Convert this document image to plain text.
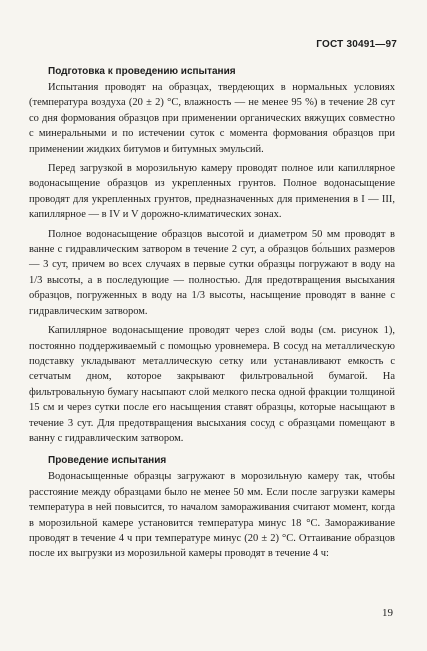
ГОСТ 30491—97
Подготовка к проведению испытания

Испытания проводят на образцах, твердеющих в нормальных условиях (температура воздуха (20 ± 2) °С, влажность — не менее 95 %) в течение 28 сут со дня формования образцов при применении органических вяжущих совместно с минеральными и по истечении суток с момента формования образцов при применении жидких битумов и битумных эмульсий.

Перед загрузкой в морозильную камеру проводят полное или капиллярное водонасыщение образцов из укрепленных грунтов. Полное водонасыщение проводят для укрепленных грунтов, предназначенных для применения в I — III, капиллярное — в IV и V дорожно-климатических зонах.

Полное водонасыщение образцов высотой и диаметром 50 мм проводят в ванне с гидравлическим затвором в течение 2 сут, а образцов бо́льших размеров — 3 сут, причем во всех случаях в первые сутки образцы погружают в воду на 1/3 высоты, а в последующие — полностью. Для предотвращения высыхания образцов, погруженных в воду на 1/3 высоты, насыщение проводят в ванне с гидравлическим затвором.

Капиллярное водонасыщение проводят через слой воды (см. рисунок 1), постоянно поддерживаемый с помощью уровнемера. В сосуд на металлическую подставку укладывают металлическую сетку или устанавливают емкость с сетчатым дном, которое закрывают фильтровальной бумагой. На фильтровальную бумагу насыпают слой мелкого песка одной фракции толщиной 15 см и через сутки после его насыщения ставят образцы, которые насыщают в течение 3 сут. Для предотвращения высыхания сосуд с образцами помещают в ванну с гидравлическим затвором.

Проведение испытания

Водонасыщенные образцы загружают в морозильную камеру так, чтобы расстояние между образцами было не менее 50 мм. Если после загрузки камеры температура в ней повысится, то началом замораживания считают момент, когда в морозильной камере установится температура минус 18 °С. Замораживание проводят в течение 4 ч при температуре минус (20 ± 2) °С. Оттаивание образцов после их выгрузки из морозильной камеры проводят в течение 4 ч:

19
